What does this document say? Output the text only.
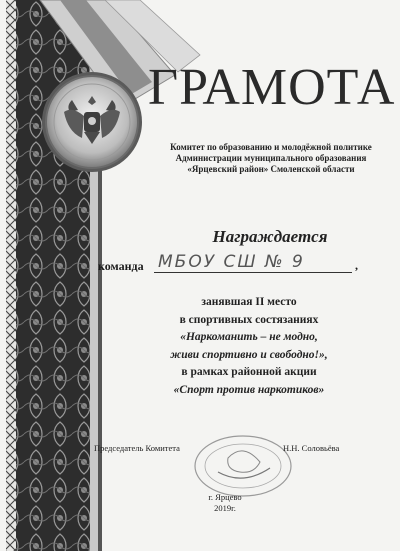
ГРАМОТА
Комитет по образованию и молодёжной политике
Администрации муниципального образования
«Ярцевский район» Смоленской области
Награждается
команда МБОУ СШ № 9	,
занявшая II место
в спортивных состязаниях
«Наркоманить – не модно,
живи спортивно и свободно!»,
в рамках районной акции
«Спорт против наркотиков»
Председатель Комитета	Н.Н. Соловьёва
г. Ярцево
2019г.
